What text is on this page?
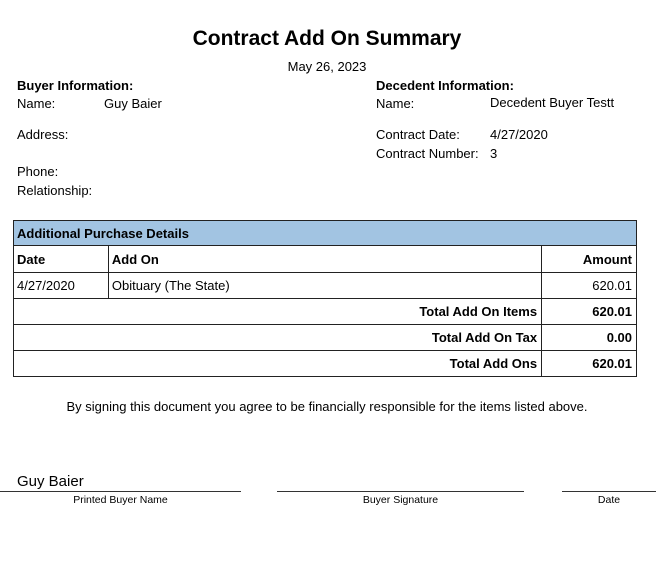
Contract Add On Summary
May 26, 2023
Buyer Information:
Name:	Guy Baier
Address:
Phone:
Relationship:
Decedent Information:
Name:	Decedent Buyer Testt
Contract Date: 4/27/2020
Contract Number: 3
Additional Purchase Details		
Date	Add On	Amount
4/27/2020	Obituary (The State)	620.01
Total Add On Items		620.01
Total Add On Tax		0.00
Total Add Ons		620.01
By signing this document you agree to be financially responsible for the items listed above.
Guy Baier
Printed Buyer Name	Buyer Signature	Date
